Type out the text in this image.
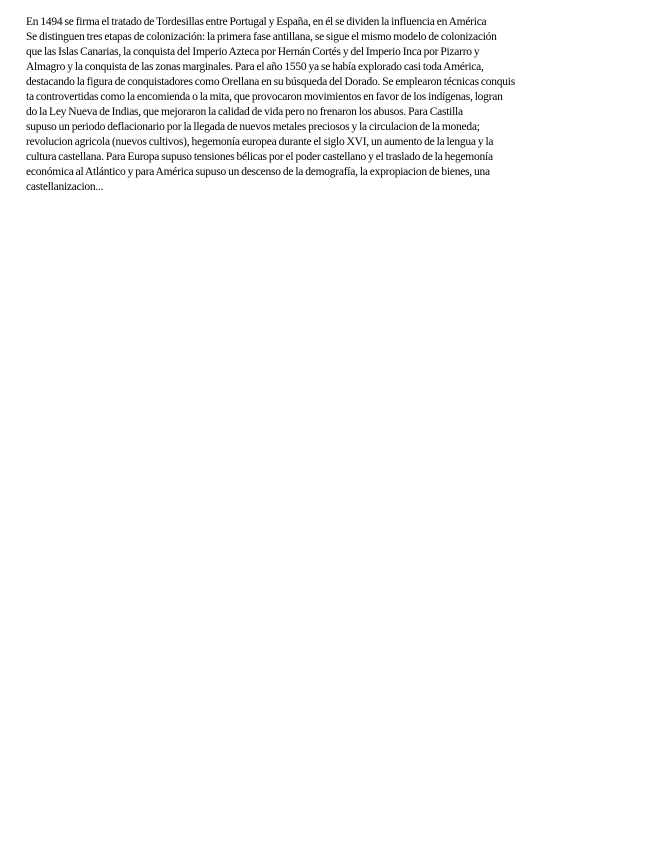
En 1494 se firma el tratado de Tordesillas entre Portugal y España, en él se dividen la influencia en América
Se distinguen tres etapas de colonización: la primera fase antillana, se sigue el mismo modelo de colonización
que las Islas Canarias, la conquista del Imperio Azteca por Hernán Cortés y del Imperio Inca por Pizarro y
Almagro y la conquista de las zonas marginales. Para el año 1550 ya se había explorado casi toda América,
destacando la figura de conquistadores como Orellana en su búsqueda del Dorado. Se emplearon técnicas conquis
ta controvertidas como la encomienda o la mita, que provocaron movimientos en favor de los indígenas, logran
do la Ley Nueva de Indias, que mejoraron la calidad de vida pero no frenaron los abusos. Para Castilla
supuso un periodo deflacionario por la llegada de nuevos metales preciosos y la circulacion de la moneda;
revolucion agricola (nuevos cultivos), hegemonía europea durante el siglo XVI, un aumento de la lengua y la
cultura castellana. Para Europa supuso tensiones bélicas por el poder castellano y el traslado de la hegemonía
económica al Atlántico y para América supuso un descenso de la demografía, la expropiacion de bienes, una
castellanizacion...
